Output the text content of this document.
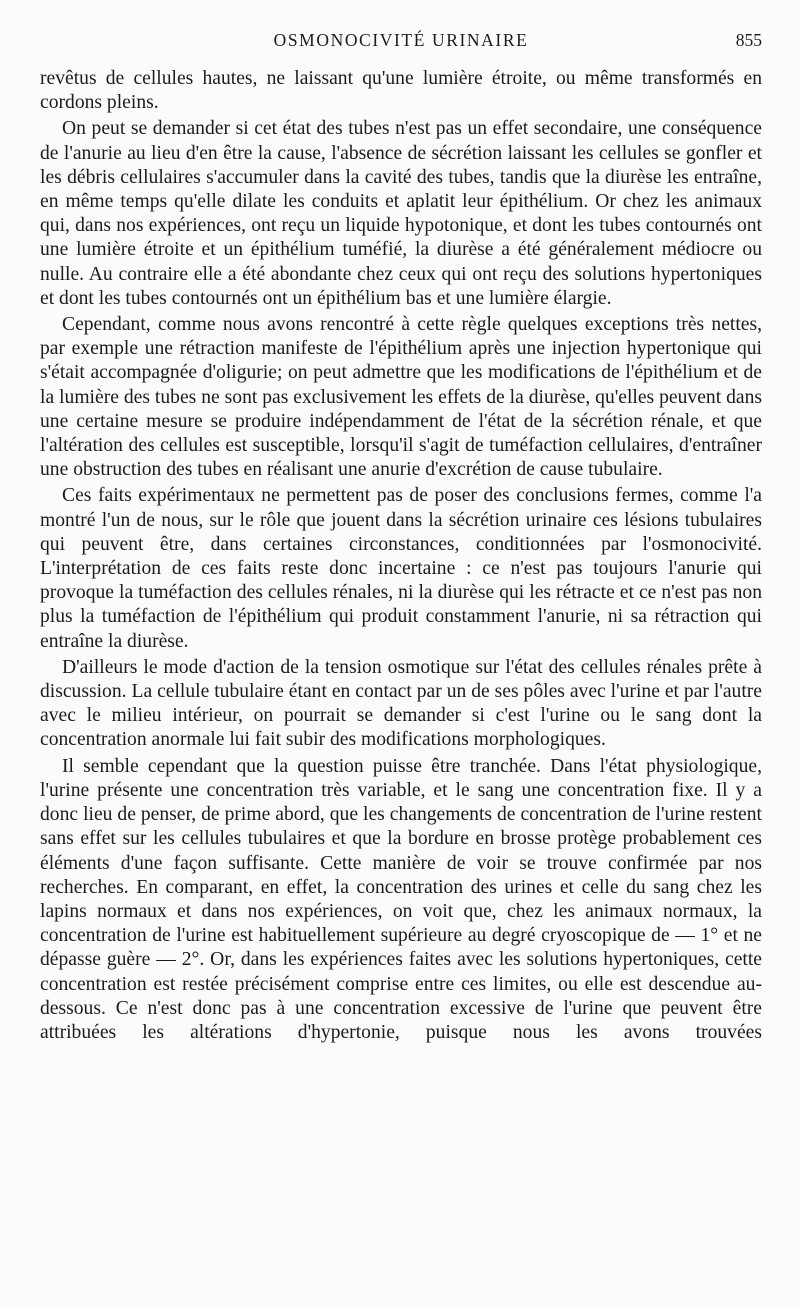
OSMONOCIVITÉ URINAIRE	855

revêtus de cellules hautes, ne laissant qu'une lumière étroite, ou même transformés en cordons pleins.

On peut se demander si cet état des tubes n'est pas un effet secondaire, une conséquence de l'anurie au lieu d'en être la cause, l'absence de sécrétion laissant les cellules se gonfler et les débris cellulaires s'accumuler dans la cavité des tubes, tandis que la diurèse les entraîne, en même temps qu'elle dilate les conduits et aplatit leur épithélium. Or chez les animaux qui, dans nos expériences, ont reçu un liquide hypotonique, et dont les tubes contournés ont une lumière étroite et un épithélium tuméfié, la diurèse a été généralement médiocre ou nulle. Au contraire elle a été abondante chez ceux qui ont reçu des solutions hypertoniques et dont les tubes contournés ont un épithélium bas et une lumière élargie.

Cependant, comme nous avons rencontré à cette règle quelques exceptions très nettes, par exemple une rétraction manifeste de l'épithélium après une injection hypertonique qui s'était accompagnée d'oligurie; on peut admettre que les modifications de l'épithélium et de la lumière des tubes ne sont pas exclusivement les effets de la diurèse, qu'elles peuvent dans une certaine mesure se produire indépendamment de l'état de la sécrétion rénale, et que l'altération des cellules est susceptible, lorsqu'il s'agit de tuméfaction cellulaires, d'entraîner une obstruction des tubes en réalisant une anurie d'excrétion de cause tubulaire.

Ces faits expérimentaux ne permettent pas de poser des conclusions fermes, comme l'a montré l'un de nous, sur le rôle que jouent dans la sécrétion urinaire ces lésions tubulaires qui peuvent être, dans certaines circonstances, conditionnées par l'osmonocivité. L'interprétation de ces faits reste donc incertaine : ce n'est pas toujours l'anurie qui provoque la tuméfaction des cellules rénales, ni la diurèse qui les rétracte et ce n'est pas non plus la tuméfaction de l'épithélium qui produit constamment l'anurie, ni sa rétraction qui entraîne la diurèse.

D'ailleurs le mode d'action de la tension osmotique sur l'état des cellules rénales prête à discussion. La cellule tubulaire étant en contact par un de ses pôles avec l'urine et par l'autre avec le milieu intérieur, on pourrait se demander si c'est l'urine ou le sang dont la concentration anormale lui fait subir des modifications morphologiques.

Il semble cependant que la question puisse être tranchée. Dans l'état physiologique, l'urine présente une concentration très variable, et le sang une concentration fixe. Il y a donc lieu de penser, de prime abord, que les changements de concentration de l'urine restent sans effet sur les cellules tubulaires et que la bordure en brosse protège probablement ces éléments d'une façon suffisante. Cette manière de voir se trouve confirmée par nos recherches. En comparant, en effet, la concentration des urines et celle du sang chez les lapins normaux et dans nos expériences, on voit que, chez les animaux normaux, la concentration de l'urine est habituellement supérieure au degré cryoscopique de — 1° et ne dépasse guère — 2°. Or, dans les expériences faites avec les solutions hypertoniques, cette concentration est restée précisément comprise entre ces limites, ou elle est descendue au-dessous. Ce n'est donc pas à une concentration excessive de l'urine que peuvent être attribuées les altérations d'hypertonie, puisque nous les avons trouvées
